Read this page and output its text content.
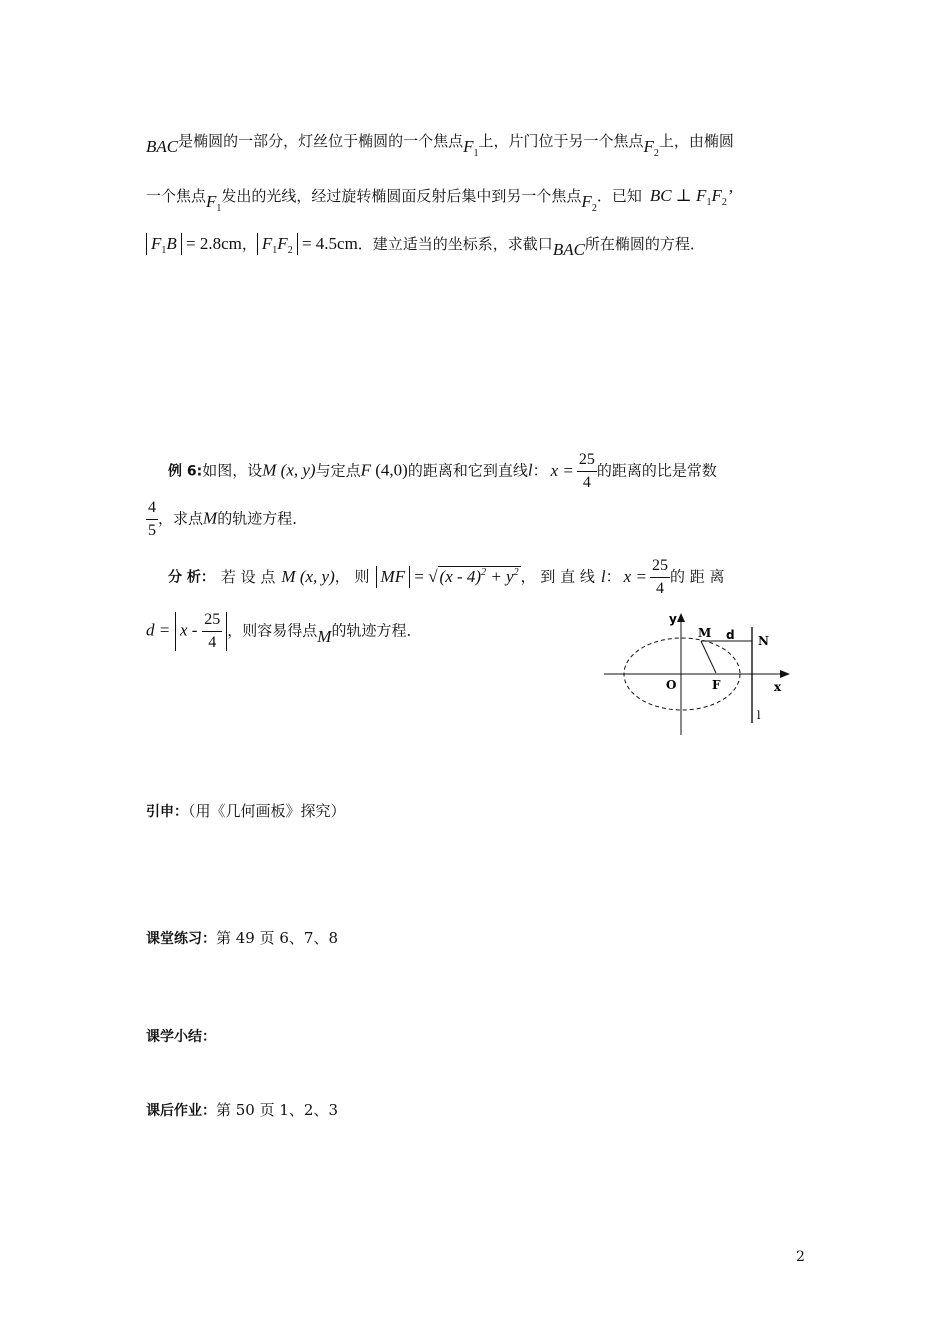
BAC是椭圆的一部分，灯丝位于椭圆的一个焦点$F_1$上，片门位于另一个焦点$F_2$上，由椭圆
一个焦点$F_1$发出的光线，经过旋转椭圆面反射后集中到另一个焦点$F_2$．已知 BC ⊥ $F_1F_2$’
$F_1B = 2.8cm$， $F_1F_2 = 4.5cm$．建立适当的坐标系，求截口BAC所在椭圆的方程．
例 6:如图，设M (x, y)与定点F (4,0)的距离和它到直线l： $x = \frac{25}{4}$ 的距离的比是常数
$\frac{4}{5}$ ，求点M的轨迹方程．
分 析： 若 设 点 M (x, y)， 则 MF = √ $(x - 4)^2 + y^2$ ， 到 直 线 l： $x = \frac{25}{4}$ 的 距 离
$d = x - \frac{25}{4}$ ，则容易得点M的轨迹方程．
y
x
O	F
M d N
l
引申：（用《几何画板》探究）
课堂练习：第 49 页 6、7、8
课学小结：
课后作业：第 50 页 1、2、3
2
